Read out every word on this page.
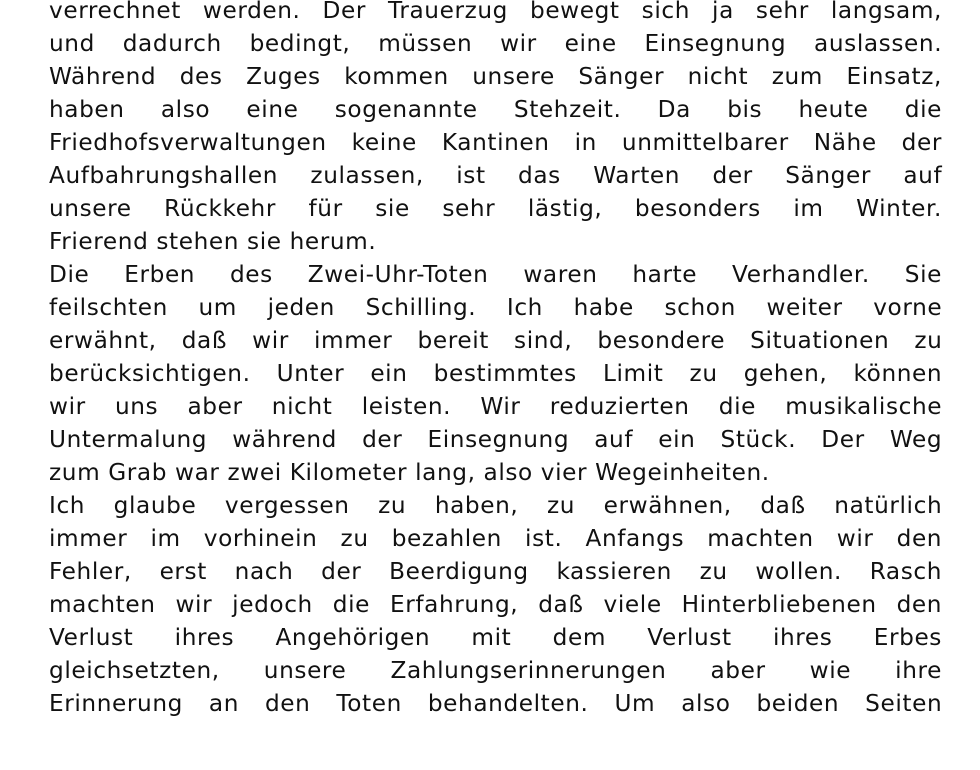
verrechnet werden. Der Trauerzug bewegt sich ja sehr langsam,
und dadurch bedingt, müssen wir eine Einsegnung auslassen.
Während des Zuges kommen unsere Sänger nicht zum Einsatz,
haben also eine sogenannte Stehzeit. Da bis heute die
Friedhofsverwaltungen keine Kantinen in unmittelbarer Nähe der
Aufbahrungshallen zulassen, ist das Warten der Sänger auf
unsere Rückkehr für sie sehr lästig, besonders im Winter.
Frierend stehen sie herum.
Die Erben des Zwei-Uhr-Toten waren harte Verhandler. Sie
feilschten um jeden Schilling. Ich habe schon weiter vorne
erwähnt, daß wir immer bereit sind, besondere Situationen zu
berücksichtigen. Unter ein bestimmtes Limit zu gehen, können
wir uns aber nicht leisten. Wir reduzierten die musikalische
Untermalung während der Einsegnung auf ein Stück. Der Weg
zum Grab war zwei Kilometer lang, also vier Wegeinheiten.
Ich glaube vergessen zu haben, zu erwähnen, daß natürlich
immer im vorhinein zu bezahlen ist. Anfangs machten wir den
Fehler, erst nach der Beerdigung kassieren zu wollen. Rasch
machten wir jedoch die Erfahrung, daß viele Hinterbliebenen den
Verlust ihres Angehörigen mit dem Verlust ihres Erbes
gleichsetzten, unsere Zahlungserinnerungen aber wie ihre
Erinnerung an den Toten behandelten. Um also beiden Seiten
